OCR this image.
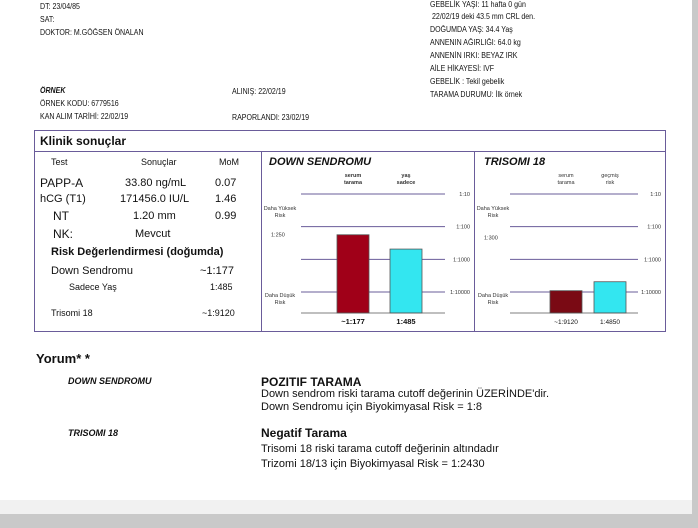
DT: 23/04/85
SAT:
DOKTOR: M.GÖĞSEN ÖNALAN
ÖRNEK
ÖRNEK KODU: 6779516
KAN ALIM TARİHİ: 22/02/19
ALINIŞ: 22/02/19
RAPORLANDI: 23/02/19
GEBELİK YAŞI: 11 hafta 0 gün
22/02/19 deki 43.5 mm CRL den.
DOĞUMDA YAŞ: 34.4 Yaş
ANNENIN AĞIRLIĞI: 64.0 kg
ANNENİN IRKI: BEYAZ IRK
AİLE HİKAYESİ: IVF
GEBELİK : Tekil gebelik
TARAMA DURUMU: İlk örnek
Klinik sonuçlar
Test	Sonuçlar	MoM
PAPP-A	33.80 ng/mL	0.07
hCG (T1)	171456.0 IU/L 1.46
NT	1.20 mm	0.99
NK:	Mevcut
Risk Değerlendirmesi (doğumda)
Down Sendromu	~1:177
Sadece Yaş	1:485
Trisomi 18	~1:9120
DOWN SENDROMU
serum
tarama
yaş
sadece
1:10
1:100
1:1000
1:10000
1:250
Daha Yüksek
Risk
Daha Düşük
Risk
~1:177	1:485
TRISOMI 18
serum
tarama
geçmiş
risk
1:10
1:100
1:1000
1:10000
1:300
Daha Yüksek
Risk
Daha Düşük
Risk
~1:9120	1:4850
Yorum* *
DOWN SENDROMU	POZITIF TARAMA
Down sendrom riski tarama cutoff değerinin ÜZERİNDE'dir.
Down Sendromu için Biyokimyasal Risk = 1:8
TRISOMI 18	Negatif Tarama
Trisomi 18 riski tarama cutoff değerinin altındadır
Trizomi 18/13 için Biyokimyasal Risk = 1:2430
